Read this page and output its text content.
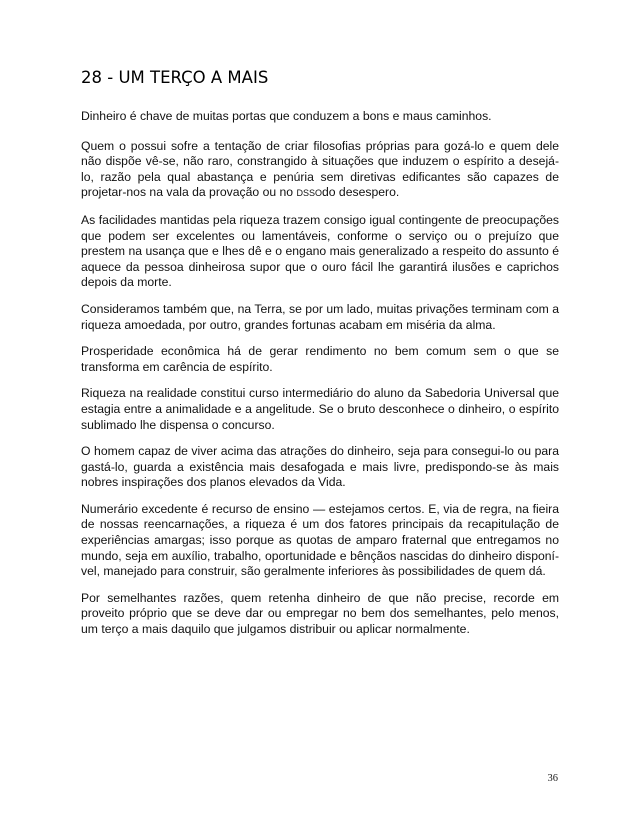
28 - UM TERÇO A MAIS

Dinheiro é chave de muitas portas que conduzem a bons e maus caminhos.

Quem o possui sofre a tentação de criar filosofias próprias para gozá-lo e quem dele não dispõe vê-se, não raro, constrangido à situações que induzem o espírito a desejá-lo, razão pela qual abastança e penúria sem diretivas edificantes são capazes de projetar-nos na vala da provação ou no DSSOdo desespero.

As facilidades mantidas pela riqueza trazem consigo igual contingente de preocupações que podem ser excelentes ou lamentáveis, conforme o serviço ou o prejuízo que prestem na usança que e lhes dê e o engano mais generalizado a respeito do assunto é aquece da pessoa dinheirosa supor que o ouro fácil lhe garantirá ilusões e caprichos depois da morte.

Consideramos também que, na Terra, se por um lado, muitas privações terminam com a riqueza amoedada, por outro, grandes fortunas acabam em miséria da alma.

Prosperidade econômica há de gerar rendimento no bem comum sem o que se transforma em carência de espírito.

Riqueza na realidade constitui curso intermediário do aluno da Sabedoria Universal que estagia entre a animalidade e a angelitude. Se o bruto desconhece o dinheiro, o espírito sublimado lhe dispensa o concurso.

O homem capaz de viver acima das atrações do dinheiro, seja para consegui-lo ou para gastá-lo, guarda a existência mais desafogada e mais livre, predispondo-se às mais nobres inspirações dos planos elevados da Vida.

Numerário excedente é recurso de ensino — estejamos certos. E, via de regra, na fieira de nossas reencarnações, a riqueza é um dos fatores principais da recapitulação de experiências amargas; isso porque as quotas de amparo fraternal que entregamos no mundo, seja em auxílio, trabalho, oportunidade e bênçãos nascidas do dinheiro disponí-vel, manejado para construir, são geralmente inferiores às possibilidades de quem dá.

Por semelhantes razões, quem retenha dinheiro de que não precise, recorde em proveito próprio que se deve dar ou empregar no bem dos semelhantes, pelo menos, um terço a mais daquilo que julgamos distribuir ou aplicar normalmente.

36
